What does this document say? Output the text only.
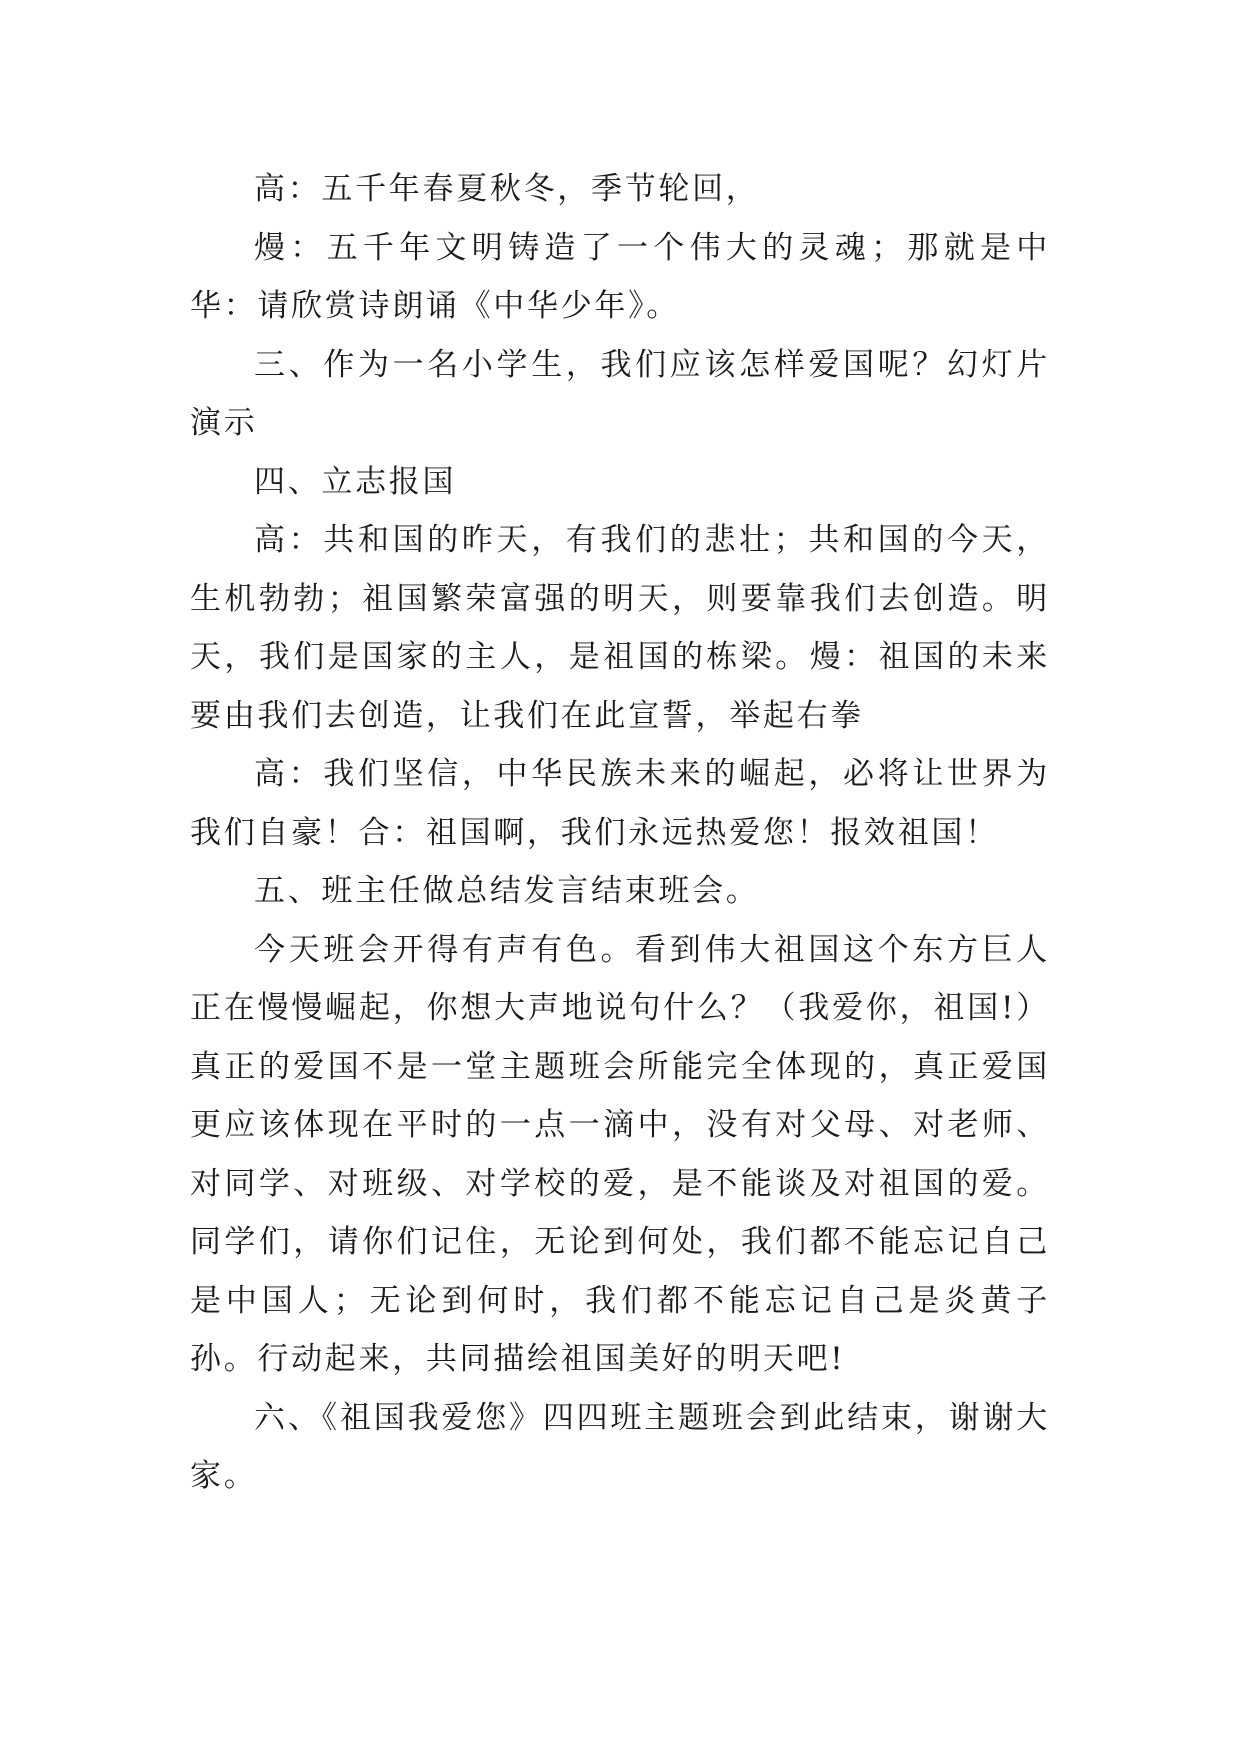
高：五千年春夏秋冬，季节轮回，

熳：五千年文明铸造了一个伟大的灵魂；那就是中华：请欣赏诗朗诵《中华少年》。

三、作为一名小学生，我们应该怎样爱国呢？幻灯片演示

四、立志报国

高：共和国的昨天，有我们的悲壮；共和国的今天，生机勃勃；祖国繁荣富强的明天，则要靠我们去创造。明天，我们是国家的主人，是祖国的栋梁。熳：祖国的未来要由我们去创造，让我们在此宣誓，举起右拳

高：我们坚信，中华民族未来的崛起，必将让世界为我们自豪！合：祖国啊，我们永远热爱您！报效祖国！

五、班主任做总结发言结束班会。

今天班会开得有声有色。看到伟大祖国这个东方巨人正在慢慢崛起，你想大声地说句什么？（我爱你，祖国!）真正的爱国不是一堂主题班会所能完全体现的，真正爱国更应该体现在平时的一点一滴中，没有对父母、对老师、对同学、对班级、对学校的爱，是不能谈及对祖国的爱。同学们，请你们记住，无论到何处，我们都不能忘记自己是中国人；无论到何时，我们都不能忘记自己是炎黄子孙。行动起来，共同描绘祖国美好的明天吧!

六、《祖国我爱您》四四班主题班会到此结束，谢谢大家。
